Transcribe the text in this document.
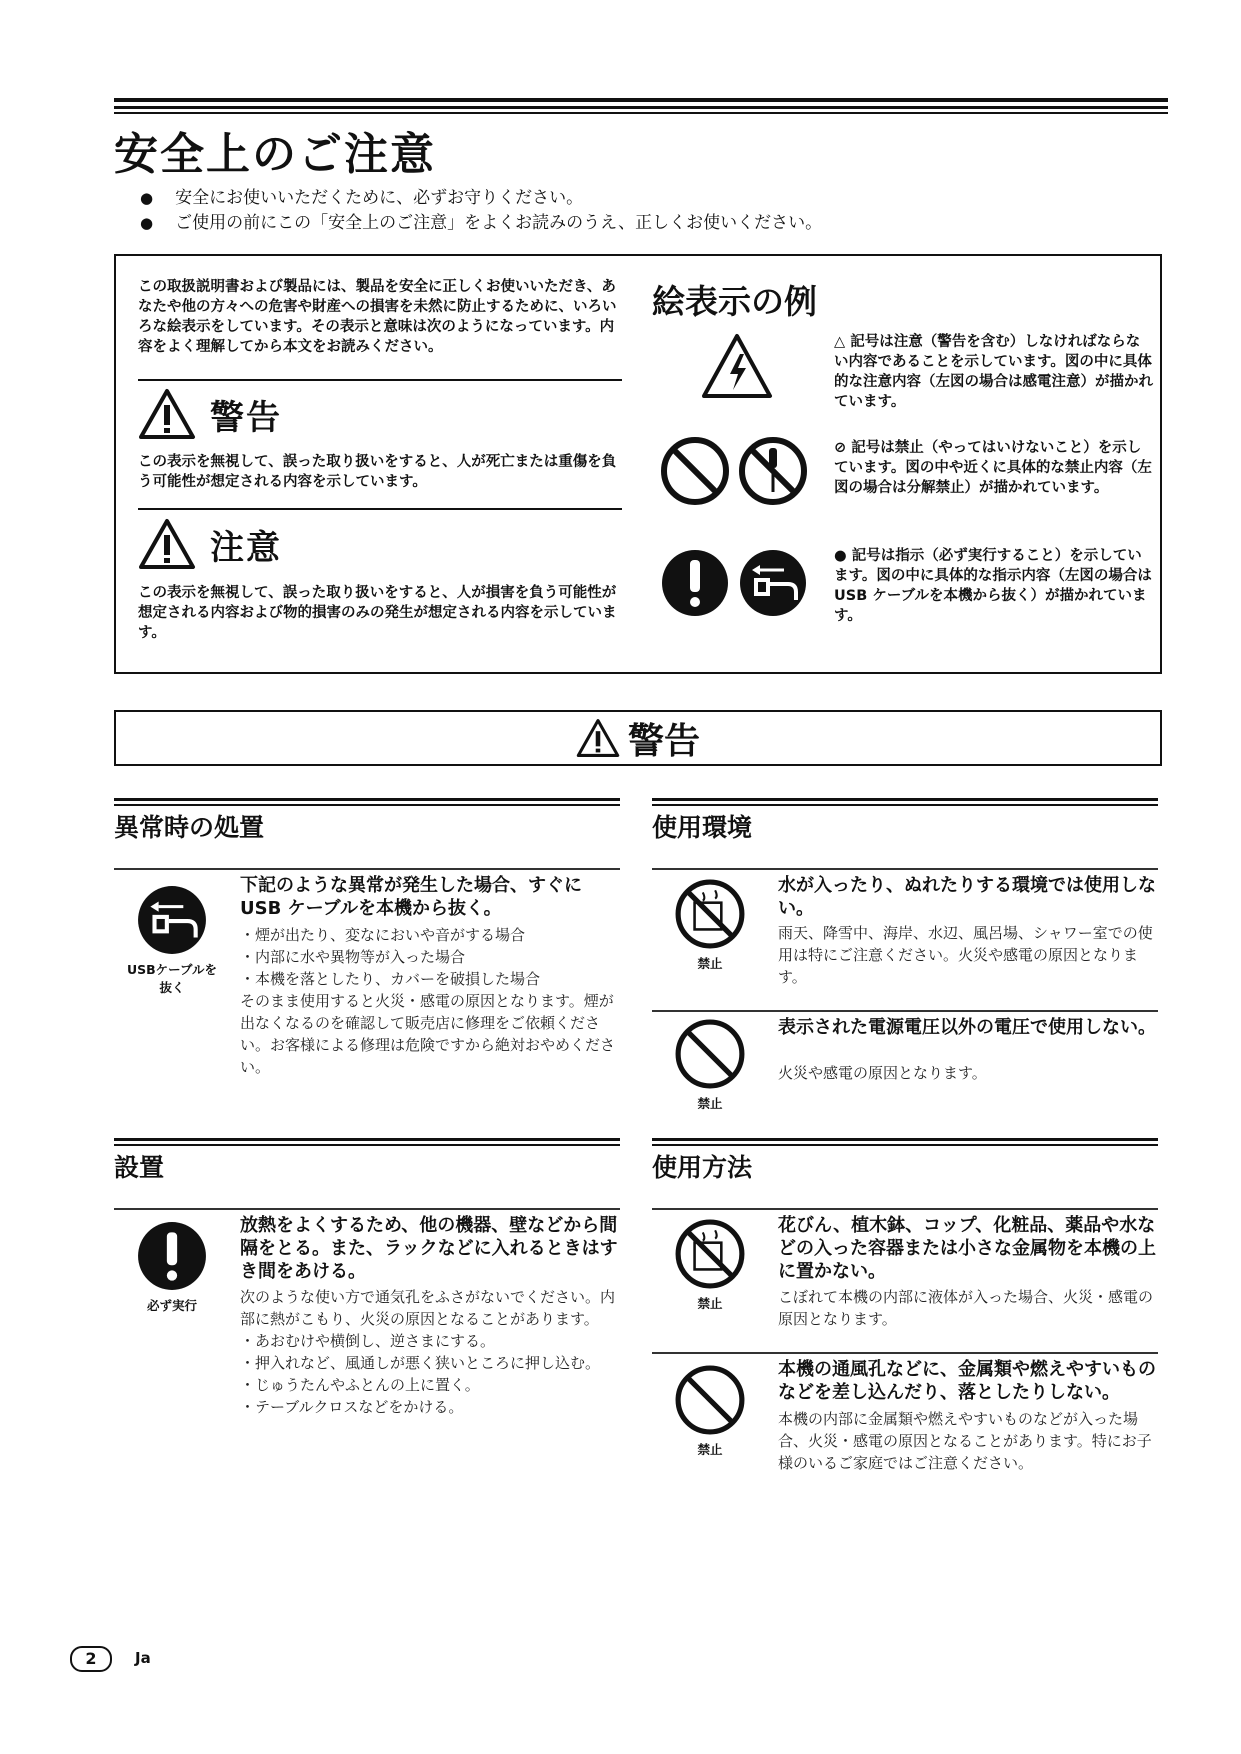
安全上のご注意
● 安全にお使いいただくために、必ずお守りください。
● ご使用の前にこの「安全上のご注意」をよくお読みのうえ、正しくお使いください。
この取扱説明書および製品には、製品を安全に正しくお使いいただき、あなたや他の方々への危害や財産への損害を未然に防止するために、いろいろな絵表示をしています。その表示と意味は次のようになっています。内容をよく理解してから本文をお読みください。
警告
この表示を無視して、誤った取り扱いをすると、人が死亡または重傷を負う可能性が想定される内容を示しています。
注意
この表示を無視して、誤った取り扱いをすると、人が損害を負う可能性が想定される内容および物的損害のみの発生が想定される内容を示しています。
絵表示の例
△ 記号は注意（警告を含む）しなければならない内容であることを示しています。図の中に具体的な注意内容（左図の場合は感電注意）が描かれています。
⊘ 記号は禁止（やってはいけないこと）を示しています。図の中や近くに具体的な禁止内容（左図の場合は分解禁止）が描かれています。
● 記号は指示（必ず実行すること）を示しています。図の中に具体的な指示内容（左図の場合はUSB ケーブルを本機から抜く）が描かれています。
警告
異常時の処置
USBケーブルを抜く
下記のような異常が発生した場合、すぐにUSB ケーブルを本機から抜く。
・煙が出たり、変なにおいや音がする場合
・内部に水や異物等が入った場合
・本機を落としたり、カバーを破損した場合
そのまま使用すると火災・感電の原因となります。煙が出なくなるのを確認して販売店に修理をご依頼ください。お客様による修理は危険ですから絶対おやめください。
使用環境
禁止
水が入ったり、ぬれたりする環境では使用しない。
雨天、降雪中、海岸、水辺、風呂場、シャワー室での使用は特にご注意ください。火災や感電の原因となります。
禁止
表示された電源電圧以外の電圧で使用しない。
火災や感電の原因となります。
設置
必ず実行
放熱をよくするため、他の機器、壁などから間隔をとる。また、ラックなどに入れるときはすき間をあける。
次のような使い方で通気孔をふさがないでください。内部に熱がこもり、火災の原因となることがあります。
・あおむけや横倒し、逆さまにする。
・押入れなど、風通しが悪く狭いところに押し込む。
・じゅうたんやふとんの上に置く。
・テーブルクロスなどをかける。
使用方法
禁止
花びん、植木鉢、コップ、化粧品、薬品や水などの入った容器または小さな金属物を本機の上に置かない。
こぼれて本機の内部に液体が入った場合、火災・感電の原因となります。
禁止
本機の通風孔などに、金属類や燃えやすいものなどを差し込んだり、落としたりしない。
本機の内部に金属類や燃えやすいものなどが入った場合、火災・感電の原因となることがあります。特にお子様のいるご家庭ではご注意ください。
2	Ja
